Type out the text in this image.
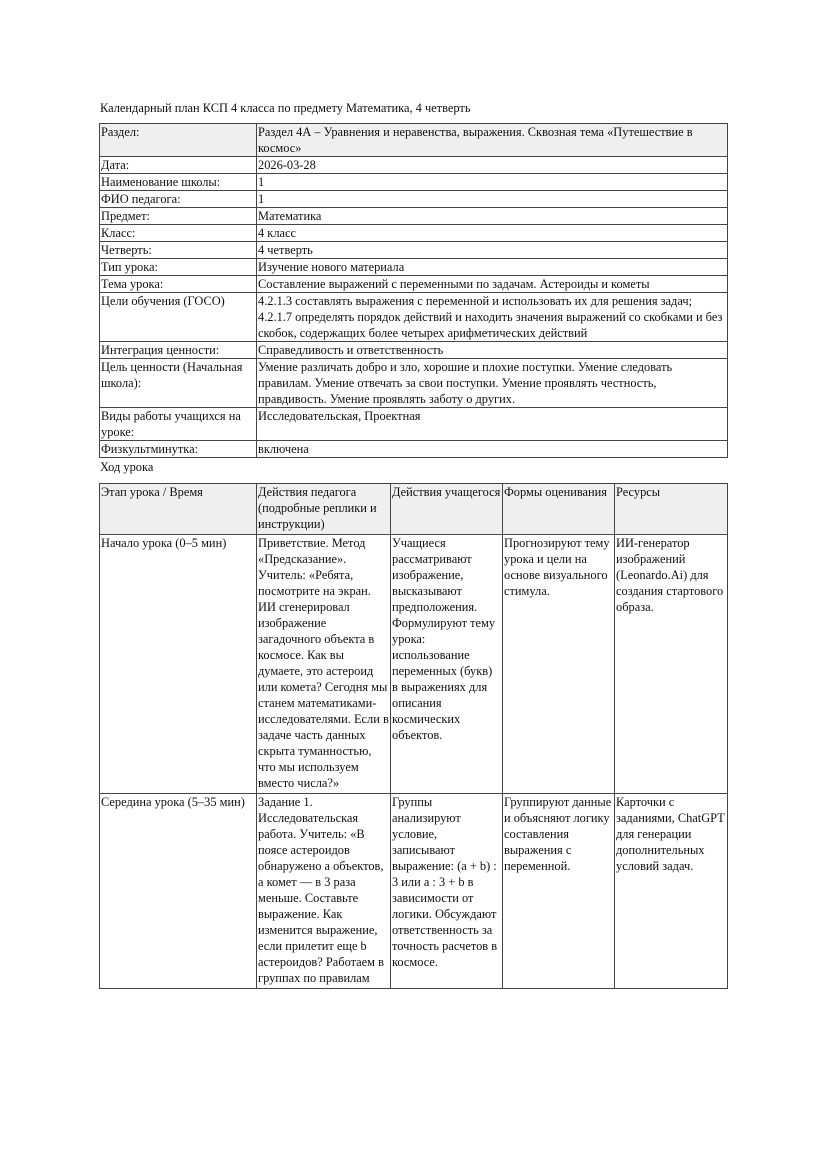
Календарный план КСП 4 класса по предмету Математика, 4 четверть
Раздел:	Раздел 4А – Уравнения и неравенства, выражения. Сквозная тема «Путешествие в космос»
Дата:	2026-03-28
Наименование школы:	1
ФИО педагога:	1
Предмет:	Математика
Класс:	4 класс
Четверть:	4 четверть
Тип урока:	Изучение нового материала
Тема урока:	Составление выражений с переменными по задачам. Астероиды и кометы
Цели обучения (ГОСО)	4.2.1.3 составлять выражения с переменной и использовать их для решения задач; 4.2.1.7 определять порядок действий и находить значения выражений со скобками и без скобок, содержащих более четырех арифметических действий
Интеграция ценности:	Справедливость и ответственность
Цель ценности (Начальная школа):	Умение различать добро и зло, хорошие и плохие поступки. Умение следовать правилам. Умение отвечать за свои поступки. Умение проявлять честность, правдивость. Умение проявлять заботу о других.
Виды работы учащихся на уроке:	Исследовательская, Проектная
Физкультминутка:	включена
Ход урока
Этап урока / Время	Действия педагога (подробные реплики и инструкции)	Действия учащегося	Формы оценивания	Ресурсы
Начало урока (0–5 мин)	Приветствие. Метод «Предсказание». Учитель: «Ребята, посмотрите на экран. ИИ сгенерировал изображение загадочного объекта в космосе. Как вы думаете, это астероид или комета? Сегодня мы станем математиками-исследователями. Если в задаче часть данных скрыта туманностью, что мы используем вместо числа?»	Учащиеся рассматривают изображение, высказывают предположения. Формулируют тему урока: использование переменных (букв) в выражениях для описания космических объектов.	Прогнозируют тему урока и цели на основе визуального стимула.	ИИ-генератор изображений (Leonardo.Ai) для создания стартового образа.
Середина урока (5–35 мин)	Задание 1. Исследовательская работа. Учитель: «В поясе астероидов обнаружено a объектов, а комет — в 3 раза меньше. Составьте выражение. Как изменится выражение, если прилетит еще b астероидов? Работаем в группах по правилам	Группы анализируют условие, записывают выражение: (a + b) : 3 или a : 3 + b в зависимости от логики. Обсуждают ответственность за точность расчетов в космосе.	Группируют данные и объясняют логику составления выражения с переменной.	Карточки с заданиями, ChatGPT для генерации дополнительных условий задач.
